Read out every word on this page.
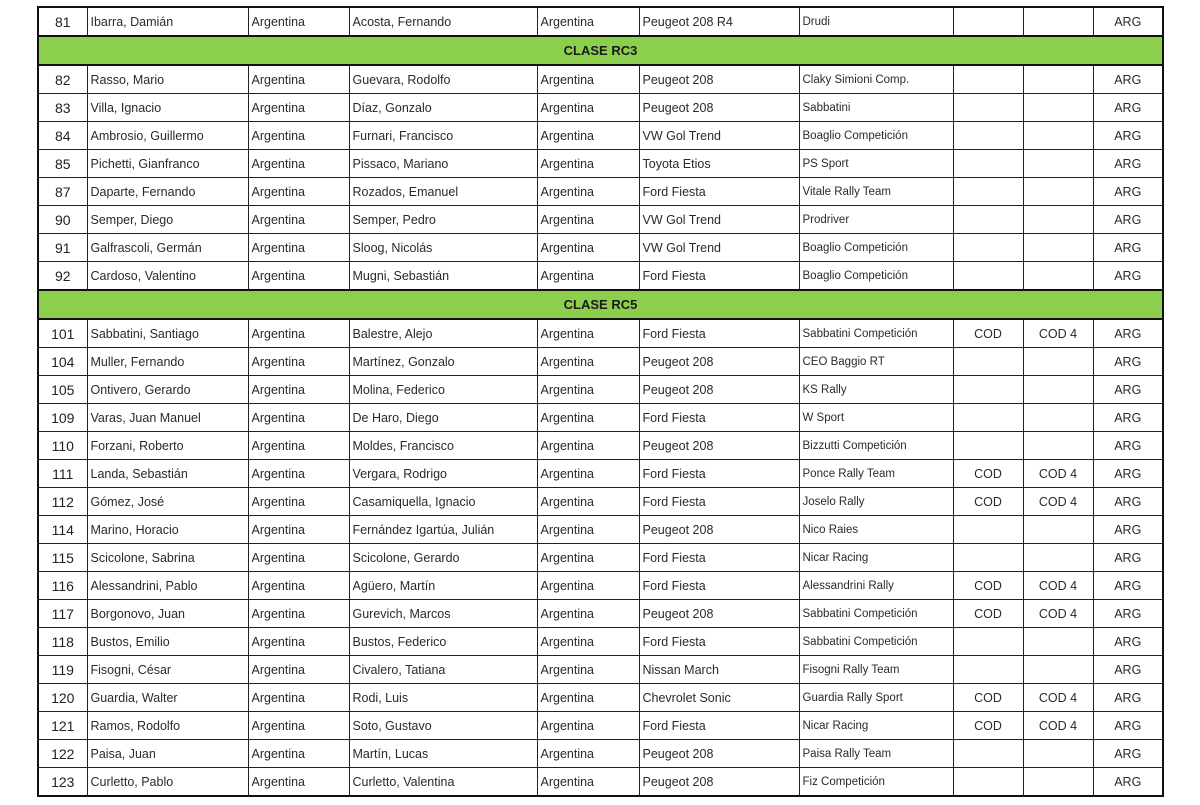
81	Ibarra, Damián	Argentina	Acosta, Fernando	Argentina	Peugeot 208 R4	Drudi			ARG
CLASE RC3									
82	Rasso, Mario	Argentina	Guevara, Rodolfo	Argentina	Peugeot 208	Claky Simioni Comp.			ARG
83	Villa, Ignacio	Argentina	Díaz, Gonzalo	Argentina	Peugeot 208	Sabbatini			ARG
84	Ambrosio, Guillermo	Argentina	Furnari, Francisco	Argentina	VW Gol Trend	Boaglio Competición			ARG
85	Pichetti, Gianfranco	Argentina	Pissaco, Mariano	Argentina	Toyota Etios	PS Sport			ARG
87	Daparte, Fernando	Argentina	Rozados, Emanuel	Argentina	Ford Fiesta	Vitale Rally Team			ARG
90	Semper, Diego	Argentina	Semper, Pedro	Argentina	VW Gol Trend	Prodriver			ARG
91	Galfrascoli, Germán	Argentina	Sloog, Nicolás	Argentina	VW Gol Trend	Boaglio Competición			ARG
92	Cardoso, Valentino	Argentina	Mugni, Sebastián	Argentina	Ford Fiesta	Boaglio Competición			ARG
CLASE RC5									
101	Sabbatini, Santiago	Argentina	Balestre, Alejo	Argentina	Ford Fiesta	Sabbatini Competición	COD	COD 4	ARG
104	Muller, Fernando	Argentina	Martínez, Gonzalo	Argentina	Peugeot 208	CEO Baggio RT			ARG
105	Ontivero, Gerardo	Argentina	Molina, Federico	Argentina	Peugeot 208	KS Rally			ARG
109	Varas, Juan Manuel	Argentina	De Haro, Diego	Argentina	Ford Fiesta	W Sport			ARG
110	Forzani, Roberto	Argentina	Moldes, Francisco	Argentina	Peugeot 208	Bizzutti Competición			ARG
111	Landa, Sebastián	Argentina	Vergara, Rodrigo	Argentina	Ford Fiesta	Ponce Rally Team	COD	COD 4	ARG
112	Gómez, José	Argentina	Casamiquella, Ignacio	Argentina	Ford Fiesta	Joselo Rally	COD	COD 4	ARG
114	Marino, Horacio	Argentina	Fernández Igartúa, Julián	Argentina	Peugeot 208	Nico Raies			ARG
115	Scicolone, Sabrina	Argentina	Scicolone, Gerardo	Argentina	Ford Fiesta	Nicar Racing			ARG
116	Alessandrini, Pablo	Argentina	Agüero, Martín	Argentina	Ford Fiesta	Alessandrini Rally	COD	COD 4	ARG
117	Borgonovo, Juan	Argentina	Gurevich, Marcos	Argentina	Peugeot 208	Sabbatini Competición	COD	COD 4	ARG
118	Bustos, Emilio	Argentina	Bustos, Federico	Argentina	Ford Fiesta	Sabbatini Competición			ARG
119	Fisogni, César	Argentina	Civalero, Tatiana	Argentina	Nissan March	Fisogni Rally Team			ARG
120	Guardia, Walter	Argentina	Rodi, Luis	Argentina	Chevrolet Sonic	Guardia Rally Sport	COD	COD 4	ARG
121	Ramos, Rodolfo	Argentina	Soto, Gustavo	Argentina	Ford Fiesta	Nicar Racing	COD	COD 4	ARG
122	Paisa, Juan	Argentina	Martín, Lucas	Argentina	Peugeot 208	Paisa Rally Team			ARG
123	Curletto, Pablo	Argentina	Curletto, Valentina	Argentina	Peugeot 208	Fiz Competición			ARG
